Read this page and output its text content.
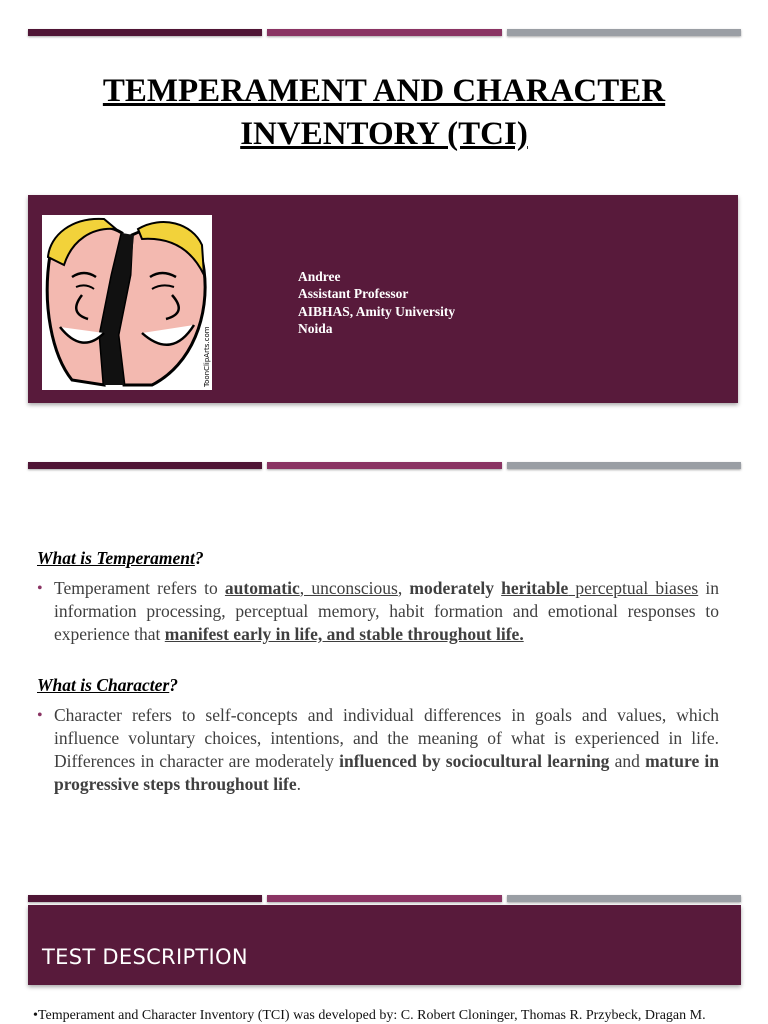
TEMPERAMENT AND CHARACTER
INVENTORY (TCI)
ToonClipArts.com
Andree
Assistant Professor
AIBHAS, Amity University
Noida

What is Temperament?

• Temperament refers to automatic, unconscious, moderately heritable perceptual biases in information processing, perceptual memory, habit formation and emotional responses to experience that manifest early in life, and stable throughout life.

What is Character?

• Character refers to self-concepts and individual differences in goals and values, which influence voluntary choices, intentions, and the meaning of what is experienced in life. Differences in character are moderately influenced by sociocultural learning and mature in progressive steps throughout life.

TEST DESCRIPTION
•Temperament and Character Inventory (TCI) was developed by: C. Robert Cloninger, Thomas R. Przybeck, Dragan M.
